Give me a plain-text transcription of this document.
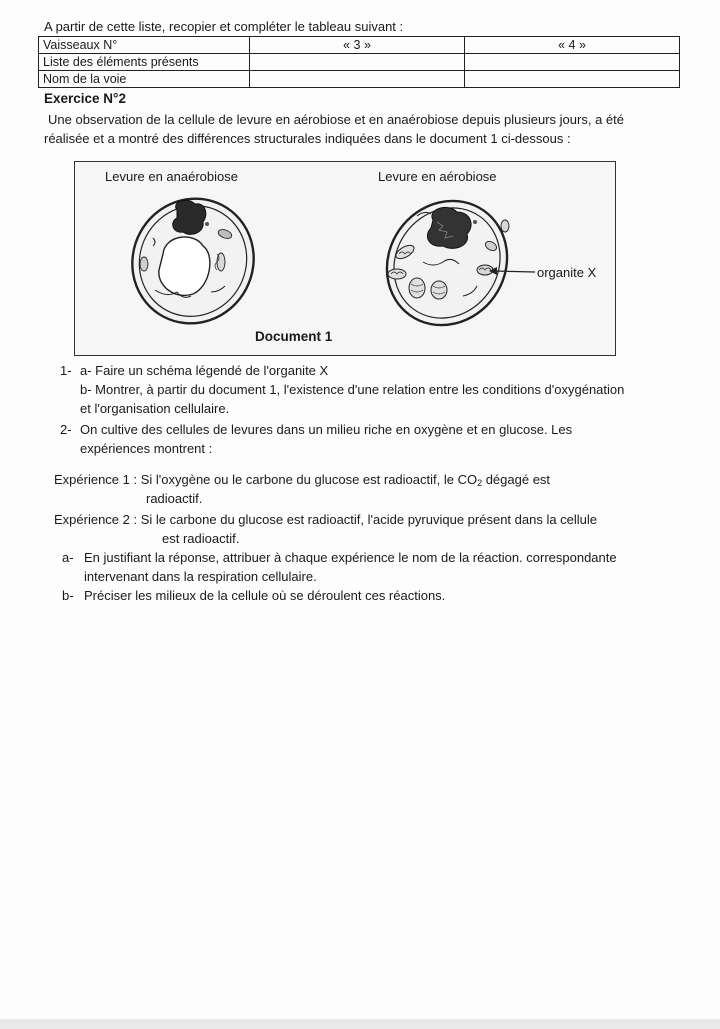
A partir de cette liste, recopier et compléter le tableau suivant :
Vaisseaux N°	« 3 »	« 4 »
Liste des éléments présents		
Nom de la voie		
Exercice N°2
Une observation de la cellule de levure en aérobiose et en anaérobiose depuis plusieurs jours, a été
réalisée et a montré des différences structurales indiquées dans le document 1 ci-dessous :
Levure en anaérobiose	Levure en aérobiose
organite X
Document 1
1- a- Faire un schéma légendé de l'organite X
b- Montrer, à partir du document 1, l'existence d'une relation entre les conditions d'oxygénation
et l'organisation cellulaire.
2- On cultive des cellules de levures dans un milieu riche en oxygène et en glucose. Les
expériences montrent :
Expérience 1 : Si l'oxygène ou le carbone du glucose est radioactif, le $CO_2$ dégagé est
radioactif.
Expérience 2 : Si le carbone du glucose est radioactif, l'acide pyruvique présent dans la cellule
est radioactif.
a- En justifiant la réponse, attribuer à chaque expérience le nom de la réaction. correspondante
intervenant dans la respiration cellulaire.
b- Préciser les milieux de la cellule où se déroulent ces réactions.
